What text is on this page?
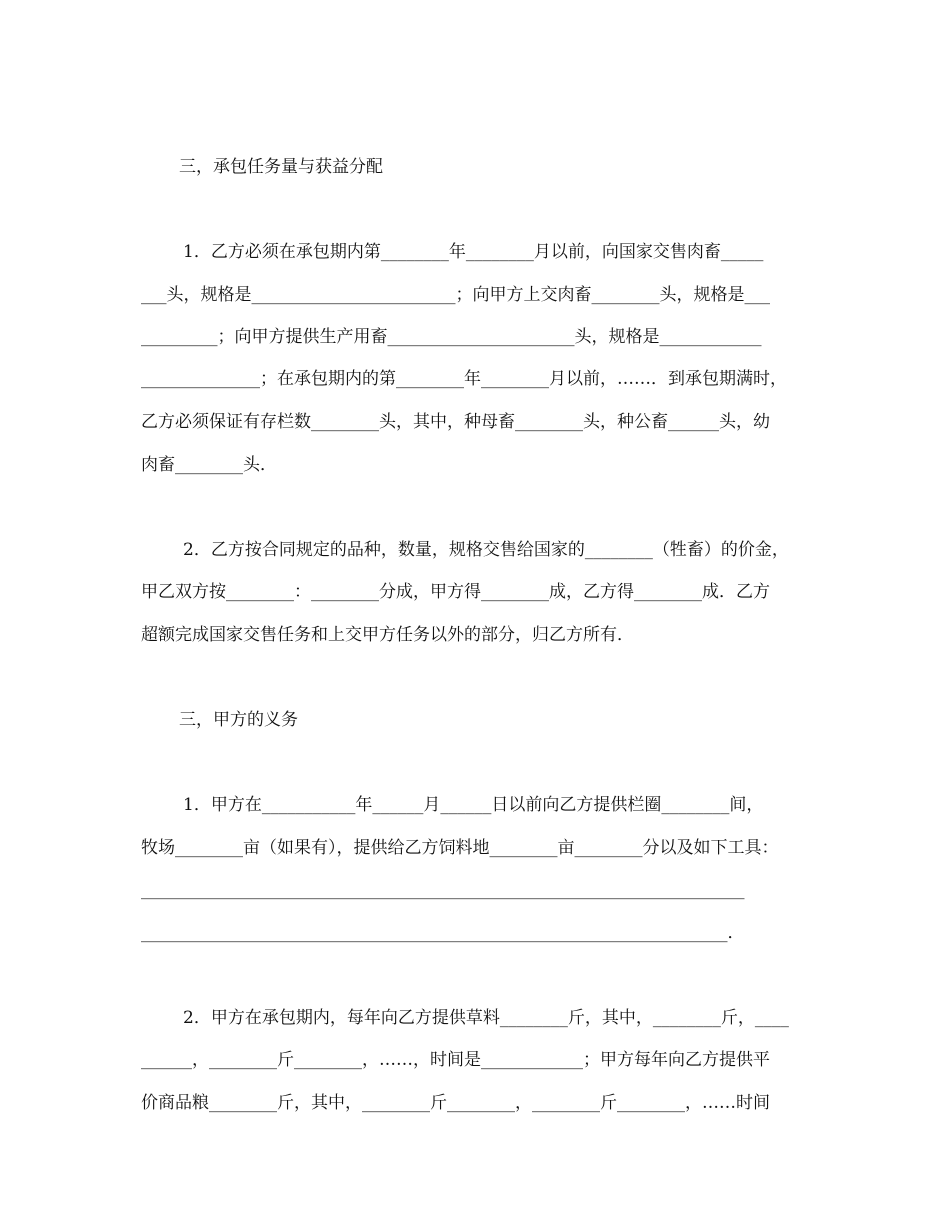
三，承包任务量与获益分配
1．乙方必须在承包期内第________年________月以前，向国家交售肉畜_____
___头，规格是________________________；向甲方上交肉畜________头，规格是___
_________；向甲方提供生产用畜______________________头，规格是____________
______________；在承包期内的第________年________月以前，……．到承包期满时，
乙方必须保证有存栏数________头，其中，种母畜________头，种公畜______头，幼
肉畜________头．
2．乙方按合同规定的品种，数量，规格交售给国家的________（牲畜）的价金，
甲乙双方按________：________分成，甲方得________成，乙方得________成．乙方
超额完成国家交售任务和上交甲方任务以外的部分，归乙方所有．
三，甲方的义务
1．甲方在___________年______月______日以前向乙方提供栏圈________间，
牧场________亩（如果有），提供给乙方饲料地________亩________分以及如下工具：
_______________________________________________________________________
_____________________________________________________________________．
2．甲方在承包期内，每年向乙方提供草料________斤，其中，________斤，____
______，________斤________，……，时间是____________；甲方每年向乙方提供平
价商品粮________斤，其中，________斤________，________斤________，……时间
